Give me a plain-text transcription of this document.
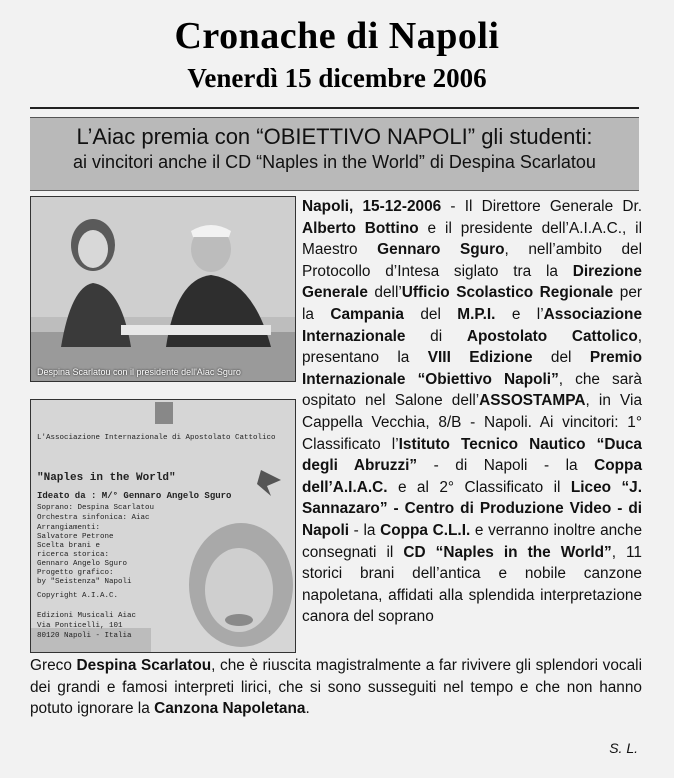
Cronache di Napoli
Venerdì 15 dicembre 2006
L’Aiac premia con “OBIETTIVO NAPOLI” gli studenti:
ai vincitori anche il CD “Naples in the World” di Despina Scarlatou
Despina Scarlatou con il presidente dell'Aiac Sguro
L'Associazione Internazionale di Apostolato Cattolico
"Naples in the World"
Ideato da : M/° Gennaro Angelo Sguro
Soprano: Despina Scarlatou
Orchestra sinfonica: Aiac
Arrangiamenti:
Salvatore Petrone
Scelta brani e
ricerca storica:
Gennaro Angelo Sguro
Progetto grafico:
by "Seistenza" Napoli
Copyright A.I.A.C.
Edizioni Musicali Aiac
Via Ponticelli, 101
80120 Napoli - Italia

Napoli, 15-12-2006 - Il Direttore Generale Dr. Alberto Bottino e il presidente dell’A.I.A.C., il Maestro Gennaro Sguro, nell’ambito del Protocollo d’Intesa siglato tra la Direzione Generale dell’Ufficio Scolastico Regionale per la Campania del M.P.I. e l’Associazione Internazionale di Apostolato Cattolico, presentano la VIII Edizione del Premio Internazionale “Obiettivo Napoli”, che sarà ospitato nel Salone dell’ASSOSTAMPA, in Via Cappella Vecchia, 8/B - Napoli. Ai vincitori: 1° Classificato l’Istituto Tecnico Nautico “Duca degli Abruzzi” - di Napoli - la Coppa dell’A.I.A.C. e al 2° Classificato il Liceo “J. Sannazaro” - Centro di Produzione Video - di Napoli - la Coppa C.L.I. e verranno inoltre anche consegnati il CD “Naples in the World”, 11 storici brani dell’antica e nobile canzone napoletana, affidati alla splendida interpretazione canora del soprano

Greco Despina Scarlatou, che è riuscita magistralmente a far rivivere gli splendori vocali dei grandi e famosi interpreti lirici, che si sono susseguiti nel tempo e che non hanno potuto ignorare la Canzona Napoletana.

S. L.
